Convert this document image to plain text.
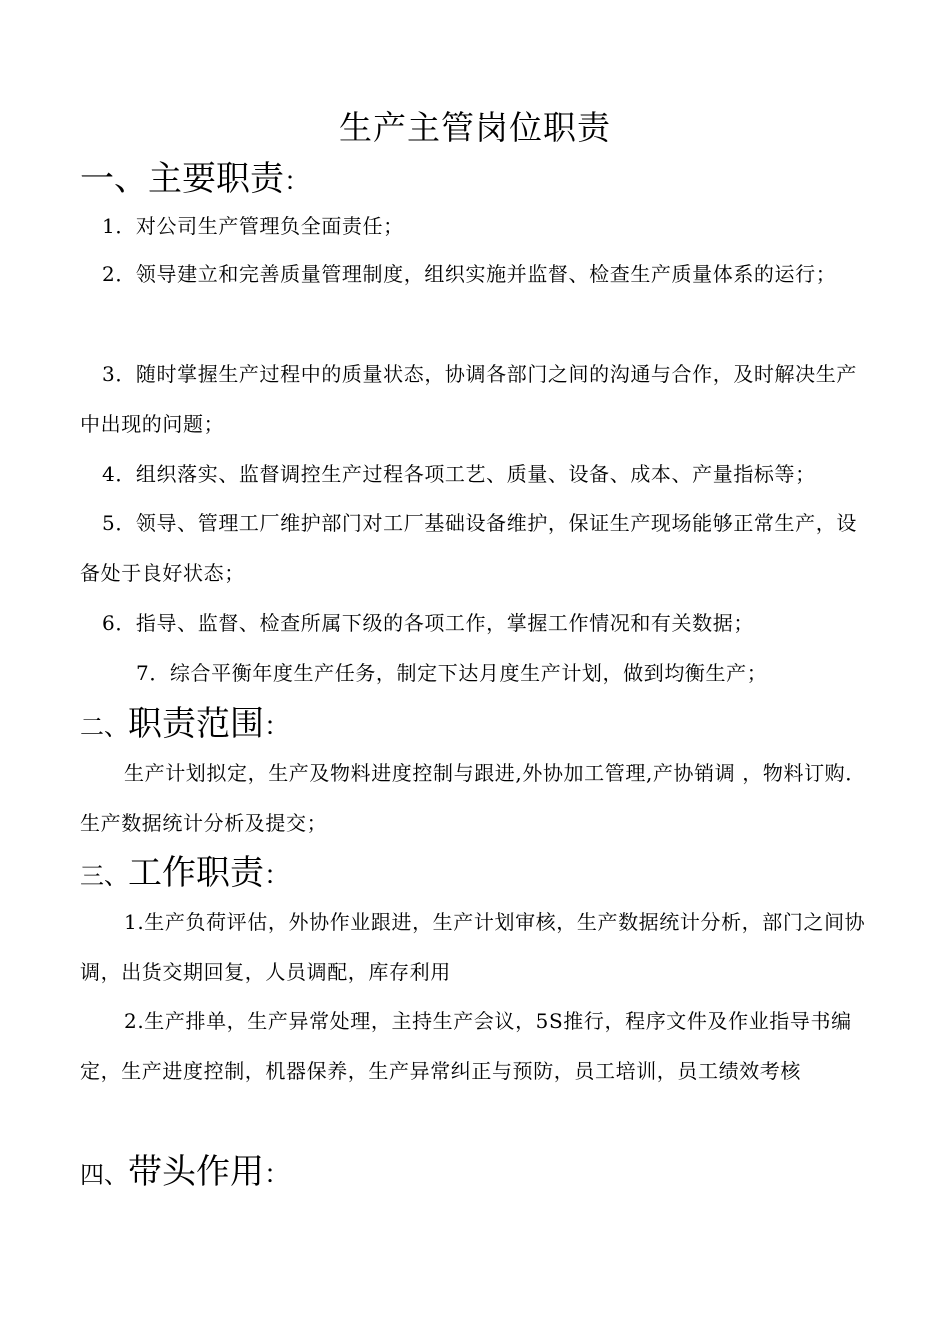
生产主管岗位职责
一、主要职责：
1．对公司生产管理负全面责任；
2．领导建立和完善质量管理制度，组织实施并监督、检查生产质量体系的运行；
3．随时掌握生产过程中的质量状态，协调各部门之间的沟通与合作，及时解决生产中出现的问题；
4．组织落实、监督调控生产过程各项工艺、质量、设备、成本、产量指标等；
5．领导、管理工厂维护部门对工厂基础设备维护，保证生产现场能够正常生产，设备处于良好状态；
6．指导、监督、检查所属下级的各项工作，掌握工作情况和有关数据；
7．综合平衡年度生产任务，制定下达月度生产计划，做到均衡生产；
二、职责范围：
生产计划拟定，生产及物料进度控制与跟进,外协加工管理,产协销调 ，物料订购．生产数据统计分析及提交；
三、工作职责：
1.生产负荷评估，外协作业跟进，生产计划审核，生产数据统计分析，部门之间协调，出货交期回复，人员调配，库存利用
2.生产排单，生产异常处理，主持生产会议，5S推行，程序文件及作业指导书编定，生产进度控制，机器保养，生产异常纠正与预防，员工培训，员工绩效考核
四、带头作用：
